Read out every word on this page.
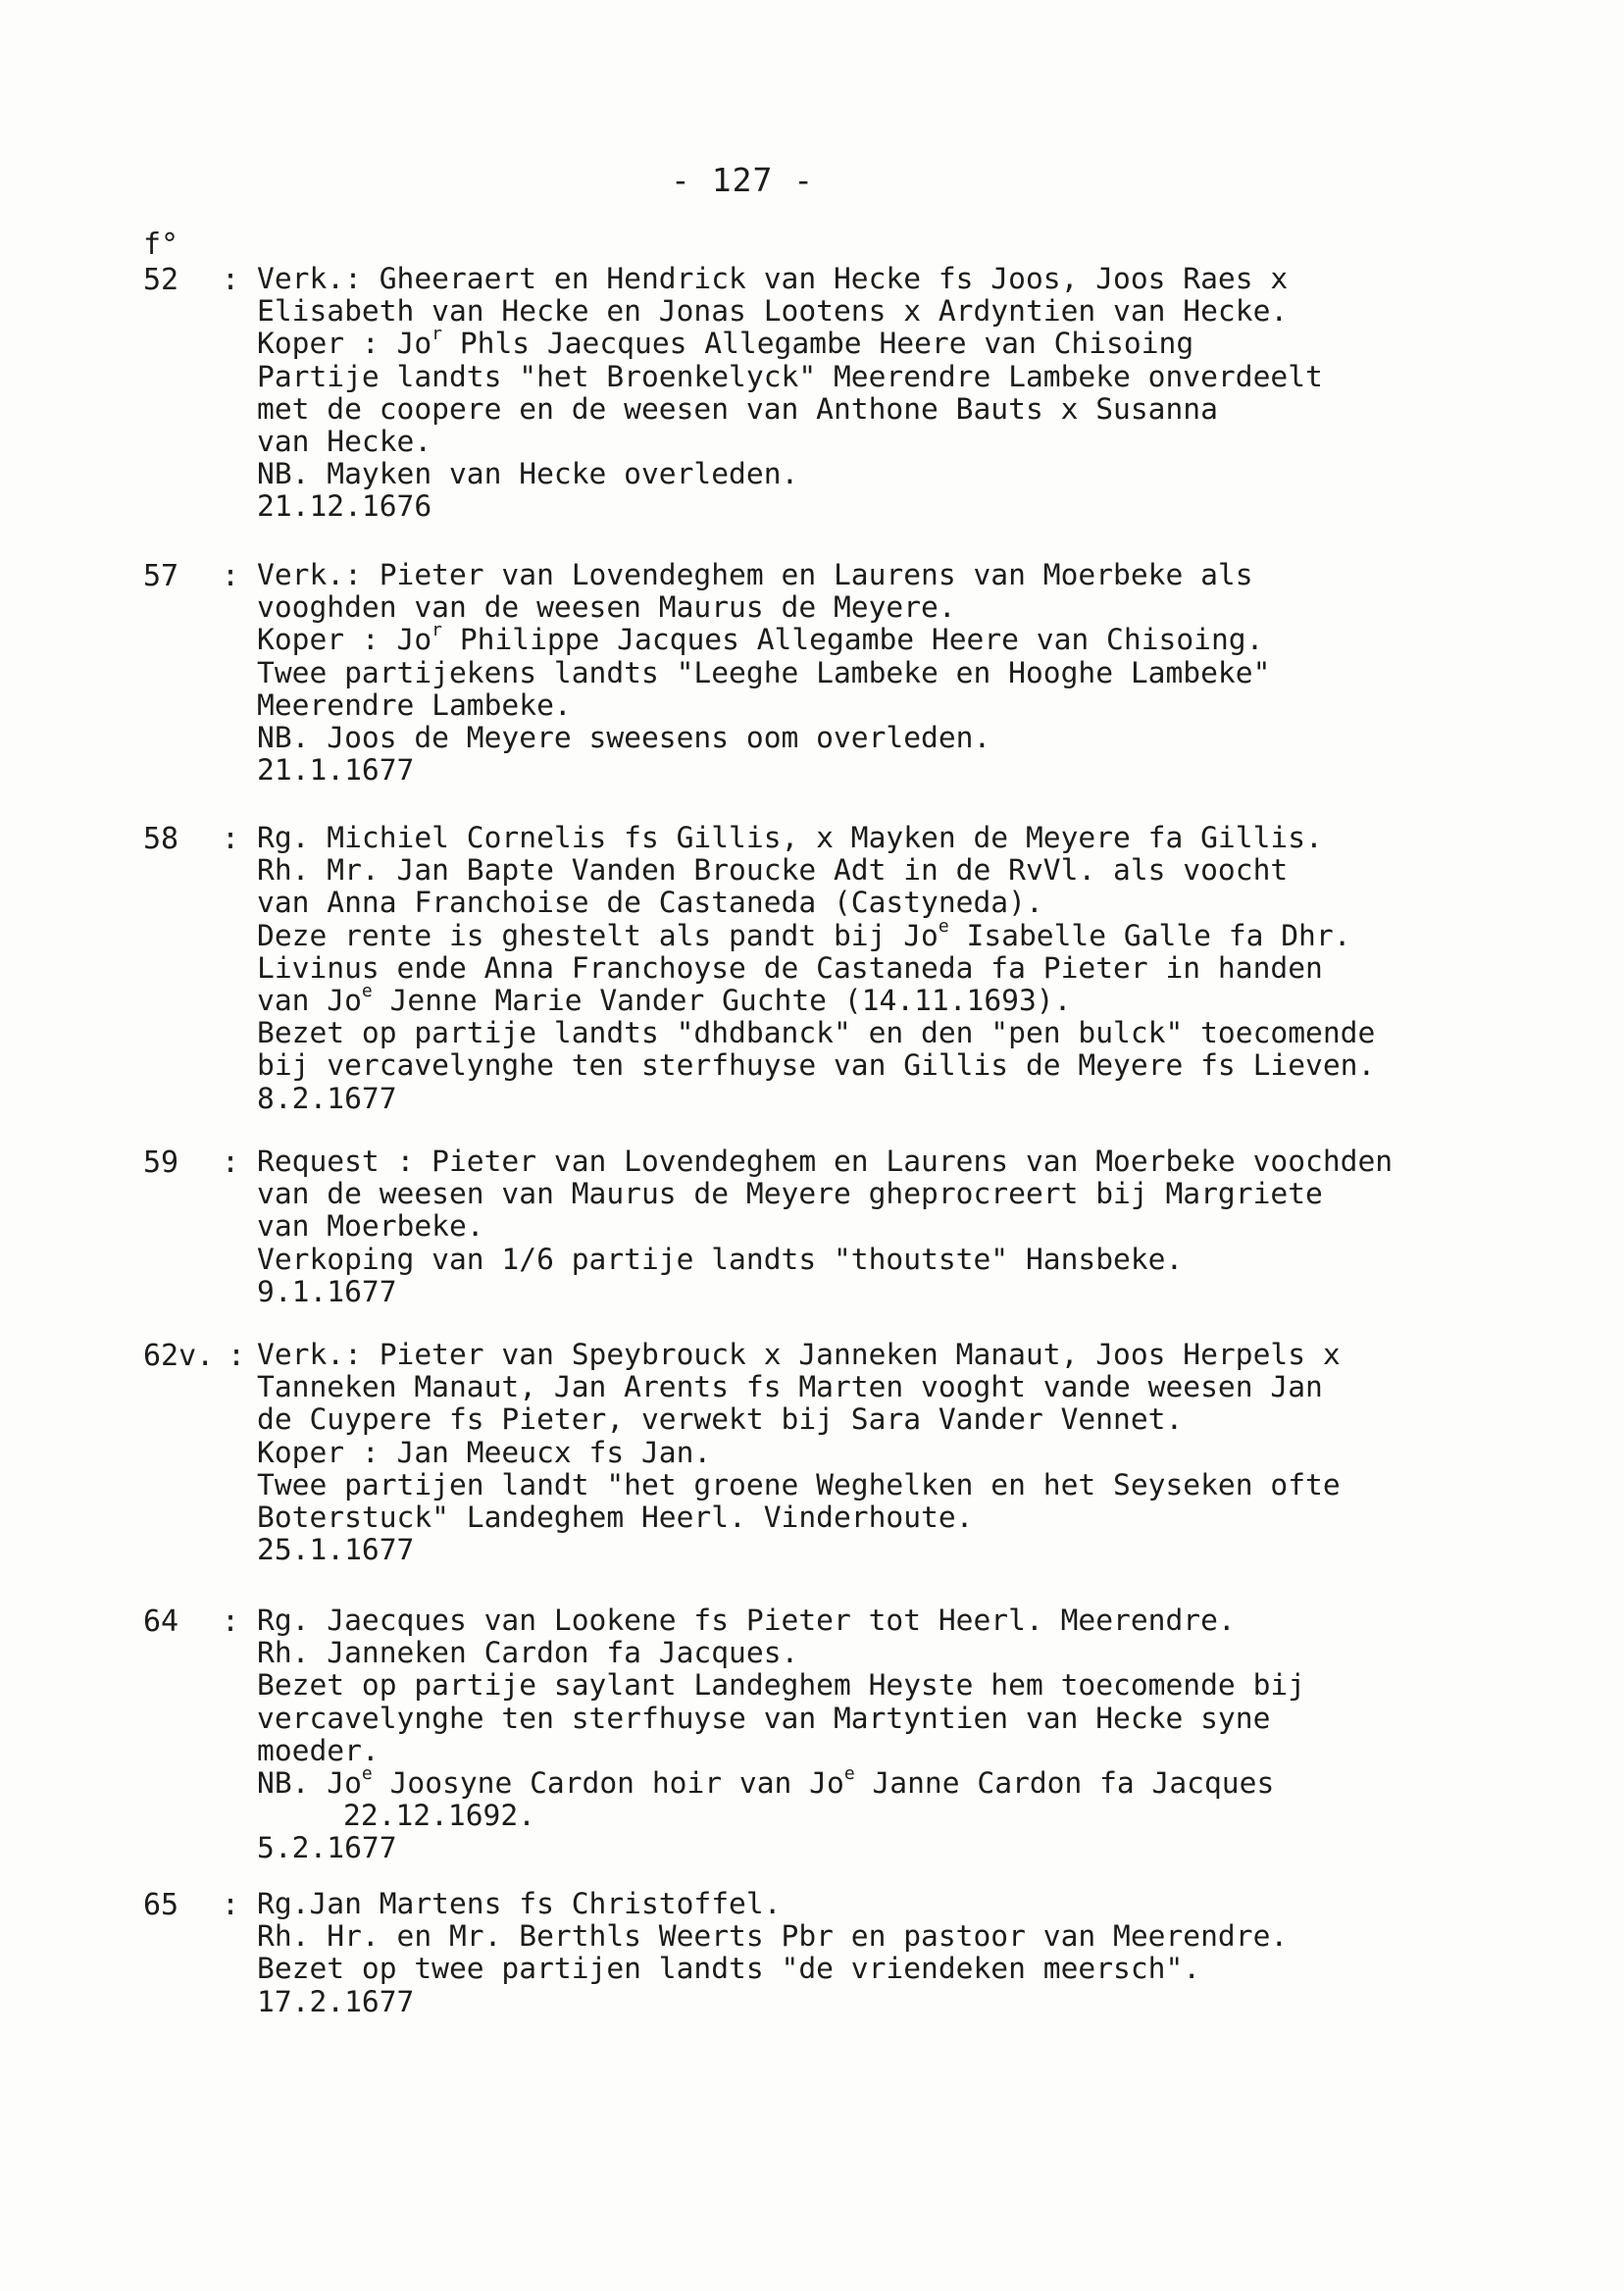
- 127 -
f°
52 : Verk.: Gheeraert en Hendrick van Hecke fs Joos, Joos Raes x
Elisabeth van Hecke en Jonas Lootens x Ardyntien van Hecke.
Koper : Jo$^r$ Phls Jaecques Allegambe Heere van Chisoing
Partije landts "het Broenkelyck" Meerendre Lambeke onverdeelt
met de coopere en de weesen van Anthone Bauts x Susanna
van Hecke.
NB. Mayken van Hecke overleden.
21.12.1676
57 : Verk.: Pieter van Lovendeghem en Laurens van Moerbeke als
vooghden van de weesen Maurus de Meyere.
Koper : Jo$^r$ Philippe Jacques Allegambe Heere van Chisoing.
Twee partijekens landts "Leeghe Lambeke en Hooghe Lambeke"
Meerendre Lambeke.
NB. Joos de Meyere sweesens oom overleden.
21.1.1677
58 : Rg. Michiel Cornelis fs Gillis, x Mayken de Meyere fa Gillis.
Rh. Mr. Jan Bapte Vanden Broucke Adt in de RvVl. als voocht
van Anna Franchoise de Castaneda (Castyneda).
Deze rente is ghestelt als pandt bij Jo$^e$ Isabelle Galle fa Dhr.
Livinus ende Anna Franchoyse de Castaneda fa Pieter in handen
van Jo$^e$ Jenne Marie Vander Guchte (14.11.1693).
Bezet op partije landts "dhdbanck" en den "pen bulck" toecomende
bij vercavelynghe ten sterfhuyse van Gillis de Meyere fs Lieven.
8.2.1677
59 : Request : Pieter van Lovendeghem en Laurens van Moerbeke voochden
van de weesen van Maurus de Meyere gheprocreert bij Margriete
van Moerbeke.
Verkoping van 1/6 partije landts "thoutste" Hansbeke.
9.1.1677
62v. : Verk.: Pieter van Speybrouck x Janneken Manaut, Joos Herpels x
Tanneken Manaut, Jan Arents fs Marten vooght vande weesen Jan
de Cuypere fs Pieter, verwekt bij Sara Vander Vennet.
Koper : Jan Meeucx fs Jan.
Twee partijen landt "het groene Weghelken en het Seyseken ofte
Boterstuck" Landeghem Heerl. Vinderhoute.
25.1.1677
64 : Rg. Jaecques van Lookene fs Pieter tot Heerl. Meerendre.
Rh. Janneken Cardon fa Jacques.
Bezet op partije saylant Landeghem Heyste hem toecomende bij
vercavelynghe ten sterfhuyse van Martyntien van Hecke syne
moeder.
NB. Jo$^e$ Joosyne Cardon hoir van Jo$^e$ Janne Cardon fa Jacques
22.12.1692.
5.2.1677
65 : Rg.Jan Martens fs Christoffel.
Rh. Hr. en Mr. Berthls Weerts Pbr en pastoor van Meerendre.
Bezet op twee partijen landts "de vriendeken meersch".
17.2.1677
